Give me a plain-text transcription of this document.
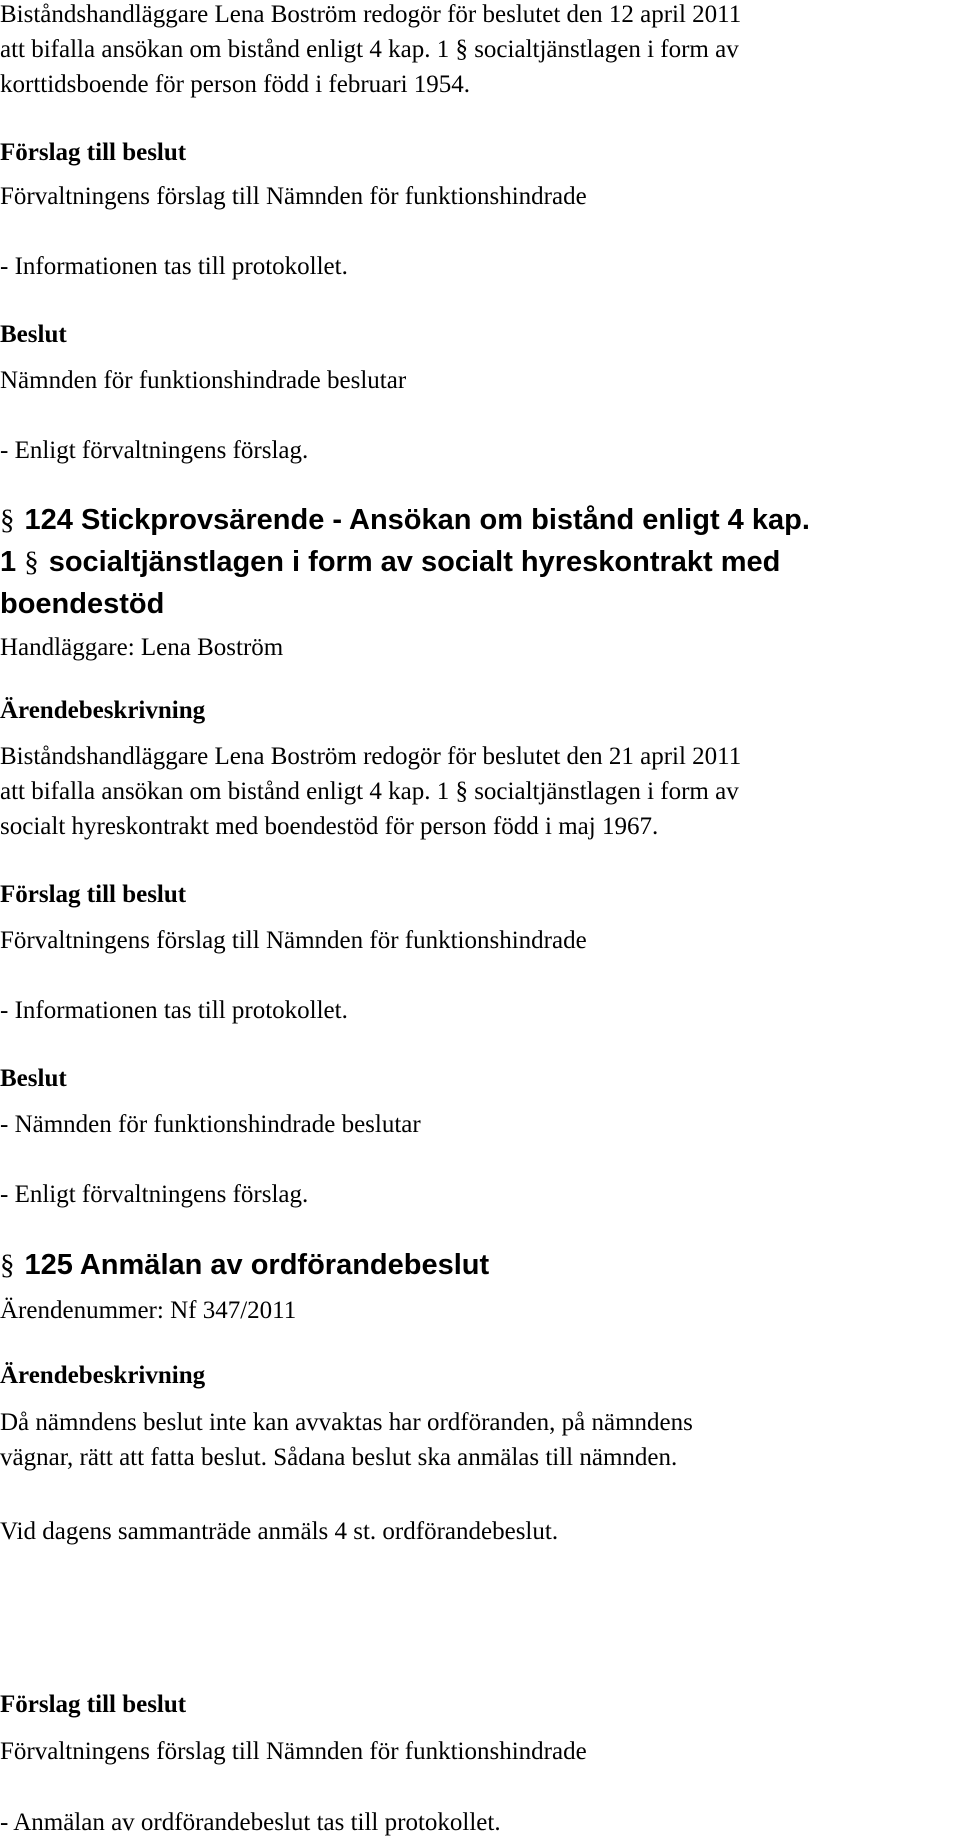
Biståndshandläggare Lena Boström redogör för beslutet den 12 april 2011

att bifalla ansökan om bistånd enligt 4 kap. 1 § socialtjänstlagen i form av

korttidsboende för person född i februari 1954.

Förslag till beslut

Förvaltningens förslag till Nämnden för funktionshindrade

- Informationen tas till protokollet.

Beslut

Nämnden för funktionshindrade beslutar

- Enligt förvaltningens förslag.

§ 124 Stickprovsärende - Ansökan om bistånd enligt 4 kap.
1 § socialtjänstlagen i form av socialt hyreskontrakt med
boendestöd

Handläggare: Lena Boström

Ärendebeskrivning

Biståndshandläggare Lena Boström redogör för beslutet den 21 april 2011

att bifalla ansökan om bistånd enligt 4 kap. 1 § socialtjänstlagen i form av

socialt hyreskontrakt med boendestöd för person född i maj 1967.

Förslag till beslut

Förvaltningens förslag till Nämnden för funktionshindrade

- Informationen tas till protokollet.

Beslut

- Nämnden för funktionshindrade beslutar

- Enligt förvaltningens förslag.

§ 125 Anmälan av ordförandebeslut

Ärendenummer: Nf 347/2011

Ärendebeskrivning

Då nämndens beslut inte kan avvaktas har ordföranden, på nämndens

vägnar, rätt att fatta beslut. Sådana beslut ska anmälas till nämnden.

Vid dagens sammanträde anmäls 4 st. ordförandebeslut.

Förslag till beslut

Förvaltningens förslag till Nämnden för funktionshindrade

- Anmälan av ordförandebeslut tas till protokollet.
